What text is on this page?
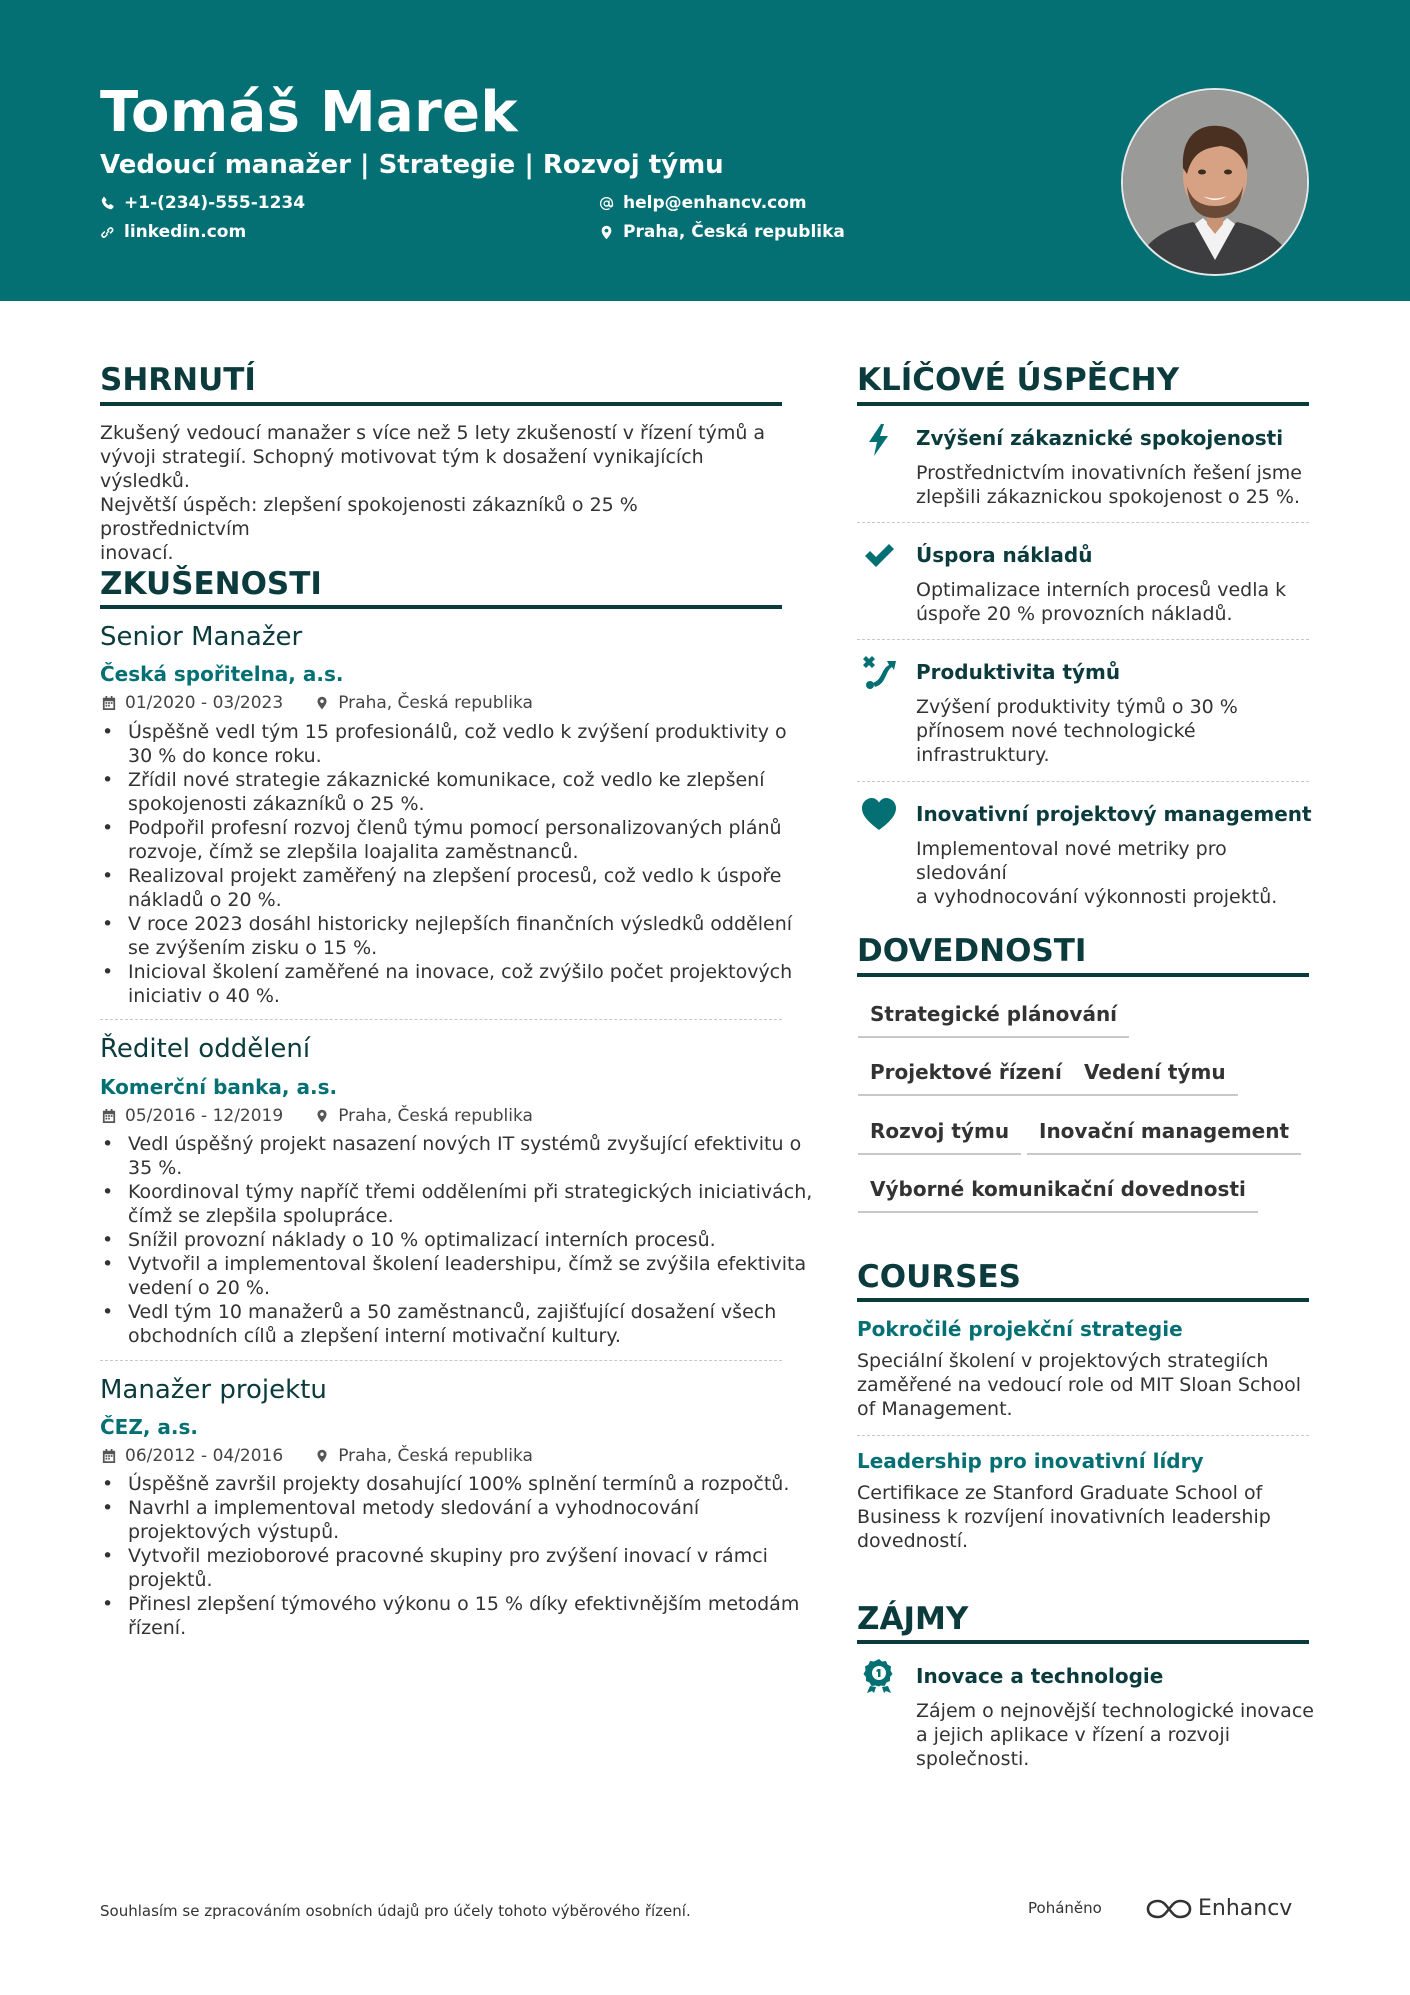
Tomáš Marek
Vedoucí manažer | Strategie | Rozvoj týmu
+1-(234)-555-1234
linkedin.com
help@enhancv.com
Praha, Česká republika
SHRNUTÍ
Zkušený vedoucí manažer s více než 5 lety zkušeností v řízení týmů a
vývoji strategií. Schopný motivovat tým k dosažení vynikajících výsledků.
Největší úspěch: zlepšení spokojenosti zákazníků o 25 % prostřednictvím
inovací.
ZKUŠENOSTI
Senior Manažer
Česká spořitelna, a.s.
01/2020 - 03/2023	Praha, Česká republika
• Úspěšně vedl tým 15 profesionálů, což vedlo k zvýšení produktivity o
30 % do konce roku.
• Zřídil nové strategie zákaznické komunikace, což vedlo ke zlepšení
spokojenosti zákazníků o 25 %.
• Podpořil profesní rozvoj členů týmu pomocí personalizovaných plánů
rozvoje, čímž se zlepšila loajalita zaměstnanců.
• Realizoval projekt zaměřený na zlepšení procesů, což vedlo k úspoře
nákladů o 20 %.
• V roce 2023 dosáhl historicky nejlepších finančních výsledků oddělení
se zvýšením zisku o 15 %.
• Inicioval školení zaměřené na inovace, což zvýšilo počet projektových
iniciativ o 40 %.
Ředitel oddělení
Komerční banka, a.s.
05/2016 - 12/2019	Praha, Česká republika
• Vedl úspěšný projekt nasazení nových IT systémů zvyšující efektivitu o
35 %.
• Koordinoval týmy napříč třemi odděleními při strategických iniciativách,
čímž se zlepšila spolupráce.
• Snížil provozní náklady o 10 % optimalizací interních procesů.
• Vytvořil a implementoval školení leadershipu, čímž se zvýšila efektivita
vedení o 20 %.
• Vedl tým 10 manažerů a 50 zaměstnanců, zajišťující dosažení všech
obchodních cílů a zlepšení interní motivační kultury.
Manažer projektu
ČEZ, a.s.
06/2012 - 04/2016	Praha, Česká republika
• Úspěšně završil projekty dosahující 100% splnění termínů a rozpočtů.
• Navrhl a implementoval metody sledování a vyhodnocování
projektových výstupů.
• Vytvořil mezioborové pracovné skupiny pro zvýšení inovací v rámci
projektů.
• Přinesl zlepšení týmového výkonu o 15 % díky efektivnějším metodám
řízení.
KLÍČOVÉ ÚSPĚCHY
Zvýšení zákaznické spokojenosti
Prostřednictvím inovativních řešení jsme
zlepšili zákaznickou spokojenost o 25 %.
Úspora nákladů
Optimalizace interních procesů vedla k
úspoře 20 % provozních nákladů.
Produktivita týmů
Zvýšení produktivity týmů o 30 %
přínosem nové technologické
infrastruktury.
Inovativní projektový management
Implementoval nové metriky pro sledování
a vyhodnocování výkonnosti projektů.
DOVEDNOSTI
Strategické plánování
Projektové řízení	Vedení týmu
Rozvoj týmu	Inovační management
Výborné komunikační dovednosti
COURSES
Pokročilé projekční strategie
Speciální školení v projektových strategiích
zaměřené na vedoucí role od MIT Sloan School
of Management.
Leadership pro inovativní lídry
Certifikace ze Stanford Graduate School of
Business k rozvíjení inovativních leadership
dovedností.
ZÁJMY
Inovace a technologie
Zájem o nejnovější technologické inovace
a jejich aplikace v řízení a rozvoji
společnosti.
Souhlasím se zpracováním osobních údajů pro účely tohoto výběrového řízení.	Poháněno	Enhancv
